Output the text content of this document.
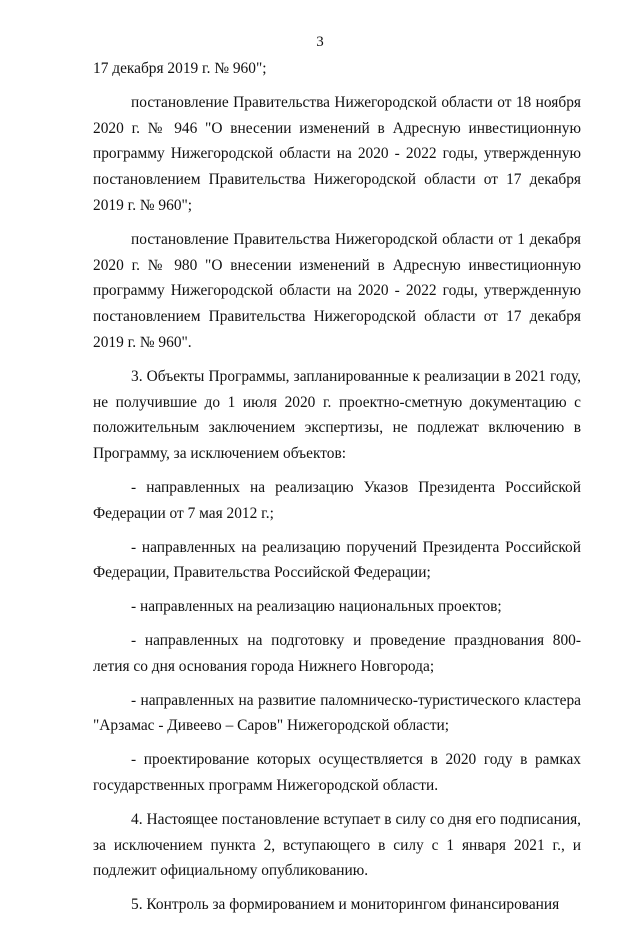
3

17 декабря 2019 г. № 960";

постановление Правительства Нижегородской области от 18 ноября 2020 г. № 946 "О внесении изменений в Адресную инвестиционную программу Нижегородской области на 2020 - 2022 годы, утвержденную постановлением Правительства Нижегородской области от 17 декабря 2019 г. № 960";

постановление Правительства Нижегородской области от 1 декабря 2020 г. № 980 "О внесении изменений в Адресную инвестиционную программу Нижегородской области на 2020 - 2022 годы, утвержденную постановлением Правительства Нижегородской области от 17 декабря 2019 г. № 960".

3. Объекты Программы, запланированные к реализации в 2021 году, не получившие до 1 июля 2020 г. проектно-сметную документацию с положительным заключением экспертизы, не подлежат включению в Программу, за исключением объектов:

- направленных на реализацию Указов Президента Российской Федерации от 7 мая 2012 г.;

- направленных на реализацию поручений Президента Российской Федерации, Правительства Российской Федерации;

- направленных на реализацию национальных проектов;

- направленных на подготовку и проведение празднования 800-летия со дня основания города Нижнего Новгорода;

- направленных на развитие паломническо-туристического кластера "Арзамас - Дивеево – Саров" Нижегородской области;

- проектирование которых осуществляется в 2020 году в рамках государственных программ Нижегородской области.

4. Настоящее постановление вступает в силу со дня его подписания, за исключением пункта 2, вступающего в силу с 1 января 2021 г., и подлежит официальному опубликованию.

5. Контроль за формированием и мониторингом финансирования
